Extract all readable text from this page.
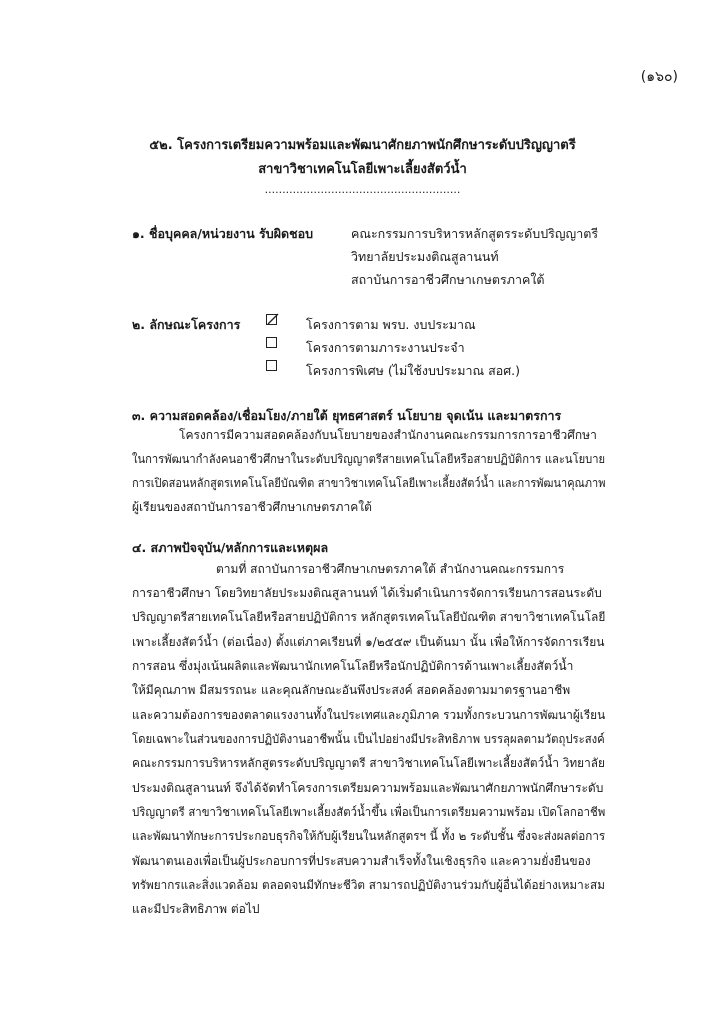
(๑๖๐)
๕๒. โครงการเตรียมความพร้อมและพัฒนาศักยภาพนักศึกษาระดับปริญญาตรี
สาขาวิชาเทคโนโลยีเพาะเลี้ยงสัตว์น้ำ
........................................................
๑. ชื่อบุคคล/หน่วยงาน รับผิดชอบ	คณะกรรมการบริหารหลักสูตรระดับปริญญาตรี
วิทยาลัยประมงติณสูลานนท์
สถาบันการอาชีวศึกษาเกษตรภาคใต้
๒. ลักษณะโครงการ	โครงการตาม พรบ. งบประมาณ
โครงการตามภาระงานประจำ
โครงการพิเศษ (ไม่ใช้งบประมาณ สอศ.)
๓. ความสอดคล้อง/เชื่อมโยง/ภายใต้ ยุทธศาสตร์ นโยบาย จุดเน้น และมาตรการ
โครงการมีความสอดคล้องกับนโยบายของสำนักงานคณะกรรมการการอาชีวศึกษา
ในการพัฒนากำลังคนอาชีวศึกษาในระดับปริญญาตรีสายเทคโนโลยีหรือสายปฏิบัติการ และนโยบาย
การเปิดสอนหลักสูตรเทคโนโลยีบัณฑิต สาขาวิชาเทคโนโลยีเพาะเลี้ยงสัตว์น้ำ และการพัฒนาคุณภาพ
ผู้เรียนของสถาบันการอาชีวศึกษาเกษตรภาคใต้
๔. สภาพปัจจุบัน/หลักการและเหตุผล
ตามที่ สถาบันการอาชีวศึกษาเกษตรภาคใต้ สำนักงานคณะกรรมการ
การอาชีวศึกษา โดยวิทยาลัยประมงติณสูลานนท์ ได้เริ่มดำเนินการจัดการเรียนการสอนระดับ
ปริญญาตรีสายเทคโนโลยีหรือสายปฏิบัติการ หลักสูตรเทคโนโลยีบัณฑิต สาขาวิชาเทคโนโลยี
เพาะเลี้ยงสัตว์น้ำ (ต่อเนื่อง) ตั้งแต่ภาคเรียนที่ ๑/๒๕๕๙ เป็นต้นมา นั้น เพื่อให้การจัดการเรียน
การสอน ซึ่งมุ่งเน้นผลิตและพัฒนานักเทคโนโลยีหรือนักปฏิบัติการด้านเพาะเลี้ยงสัตว์น้ำ
ให้มีคุณภาพ มีสมรรถนะ และคุณลักษณะอันพึงประสงค์ สอดคล้องตามมาตรฐานอาชีพ
และความต้องการของตลาดแรงงานทั้งในประเทศและภูมิภาค รวมทั้งกระบวนการพัฒนาผู้เรียน
โดยเฉพาะในส่วนของการปฏิบัติงานอาชีพนั้น เป็นไปอย่างมีประสิทธิภาพ บรรลุผลตามวัตถุประสงค์
คณะกรรมการบริหารหลักสูตรระดับปริญญาตรี สาขาวิชาเทคโนโลยีเพาะเลี้ยงสัตว์น้ำ วิทยาลัย
ประมงติณสูลานนท์ จึงได้จัดทำโครงการเตรียมความพร้อมและพัฒนาศักยภาพนักศึกษาระดับ
ปริญญาตรี สาขาวิชาเทคโนโลยีเพาะเลี้ยงสัตว์น้ำขึ้น เพื่อเป็นการเตรียมความพร้อม เปิดโลกอาชีพ
และพัฒนาทักษะการประกอบธุรกิจให้กับผู้เรียนในหลักสูตรฯ นี้ ทั้ง ๒ ระดับชั้น ซึ่งจะส่งผลต่อการ
พัฒนาตนเองเพื่อเป็นผู้ประกอบการที่ประสบความสำเร็จทั้งในเชิงธุรกิจ และความยั่งยืนของ
ทรัพยากรและสิ่งแวดล้อม ตลอดจนมีทักษะชีวิต สามารถปฏิบัติงานร่วมกับผู้อื่นได้อย่างเหมาะสม
และมีประสิทธิภาพ ต่อไป
